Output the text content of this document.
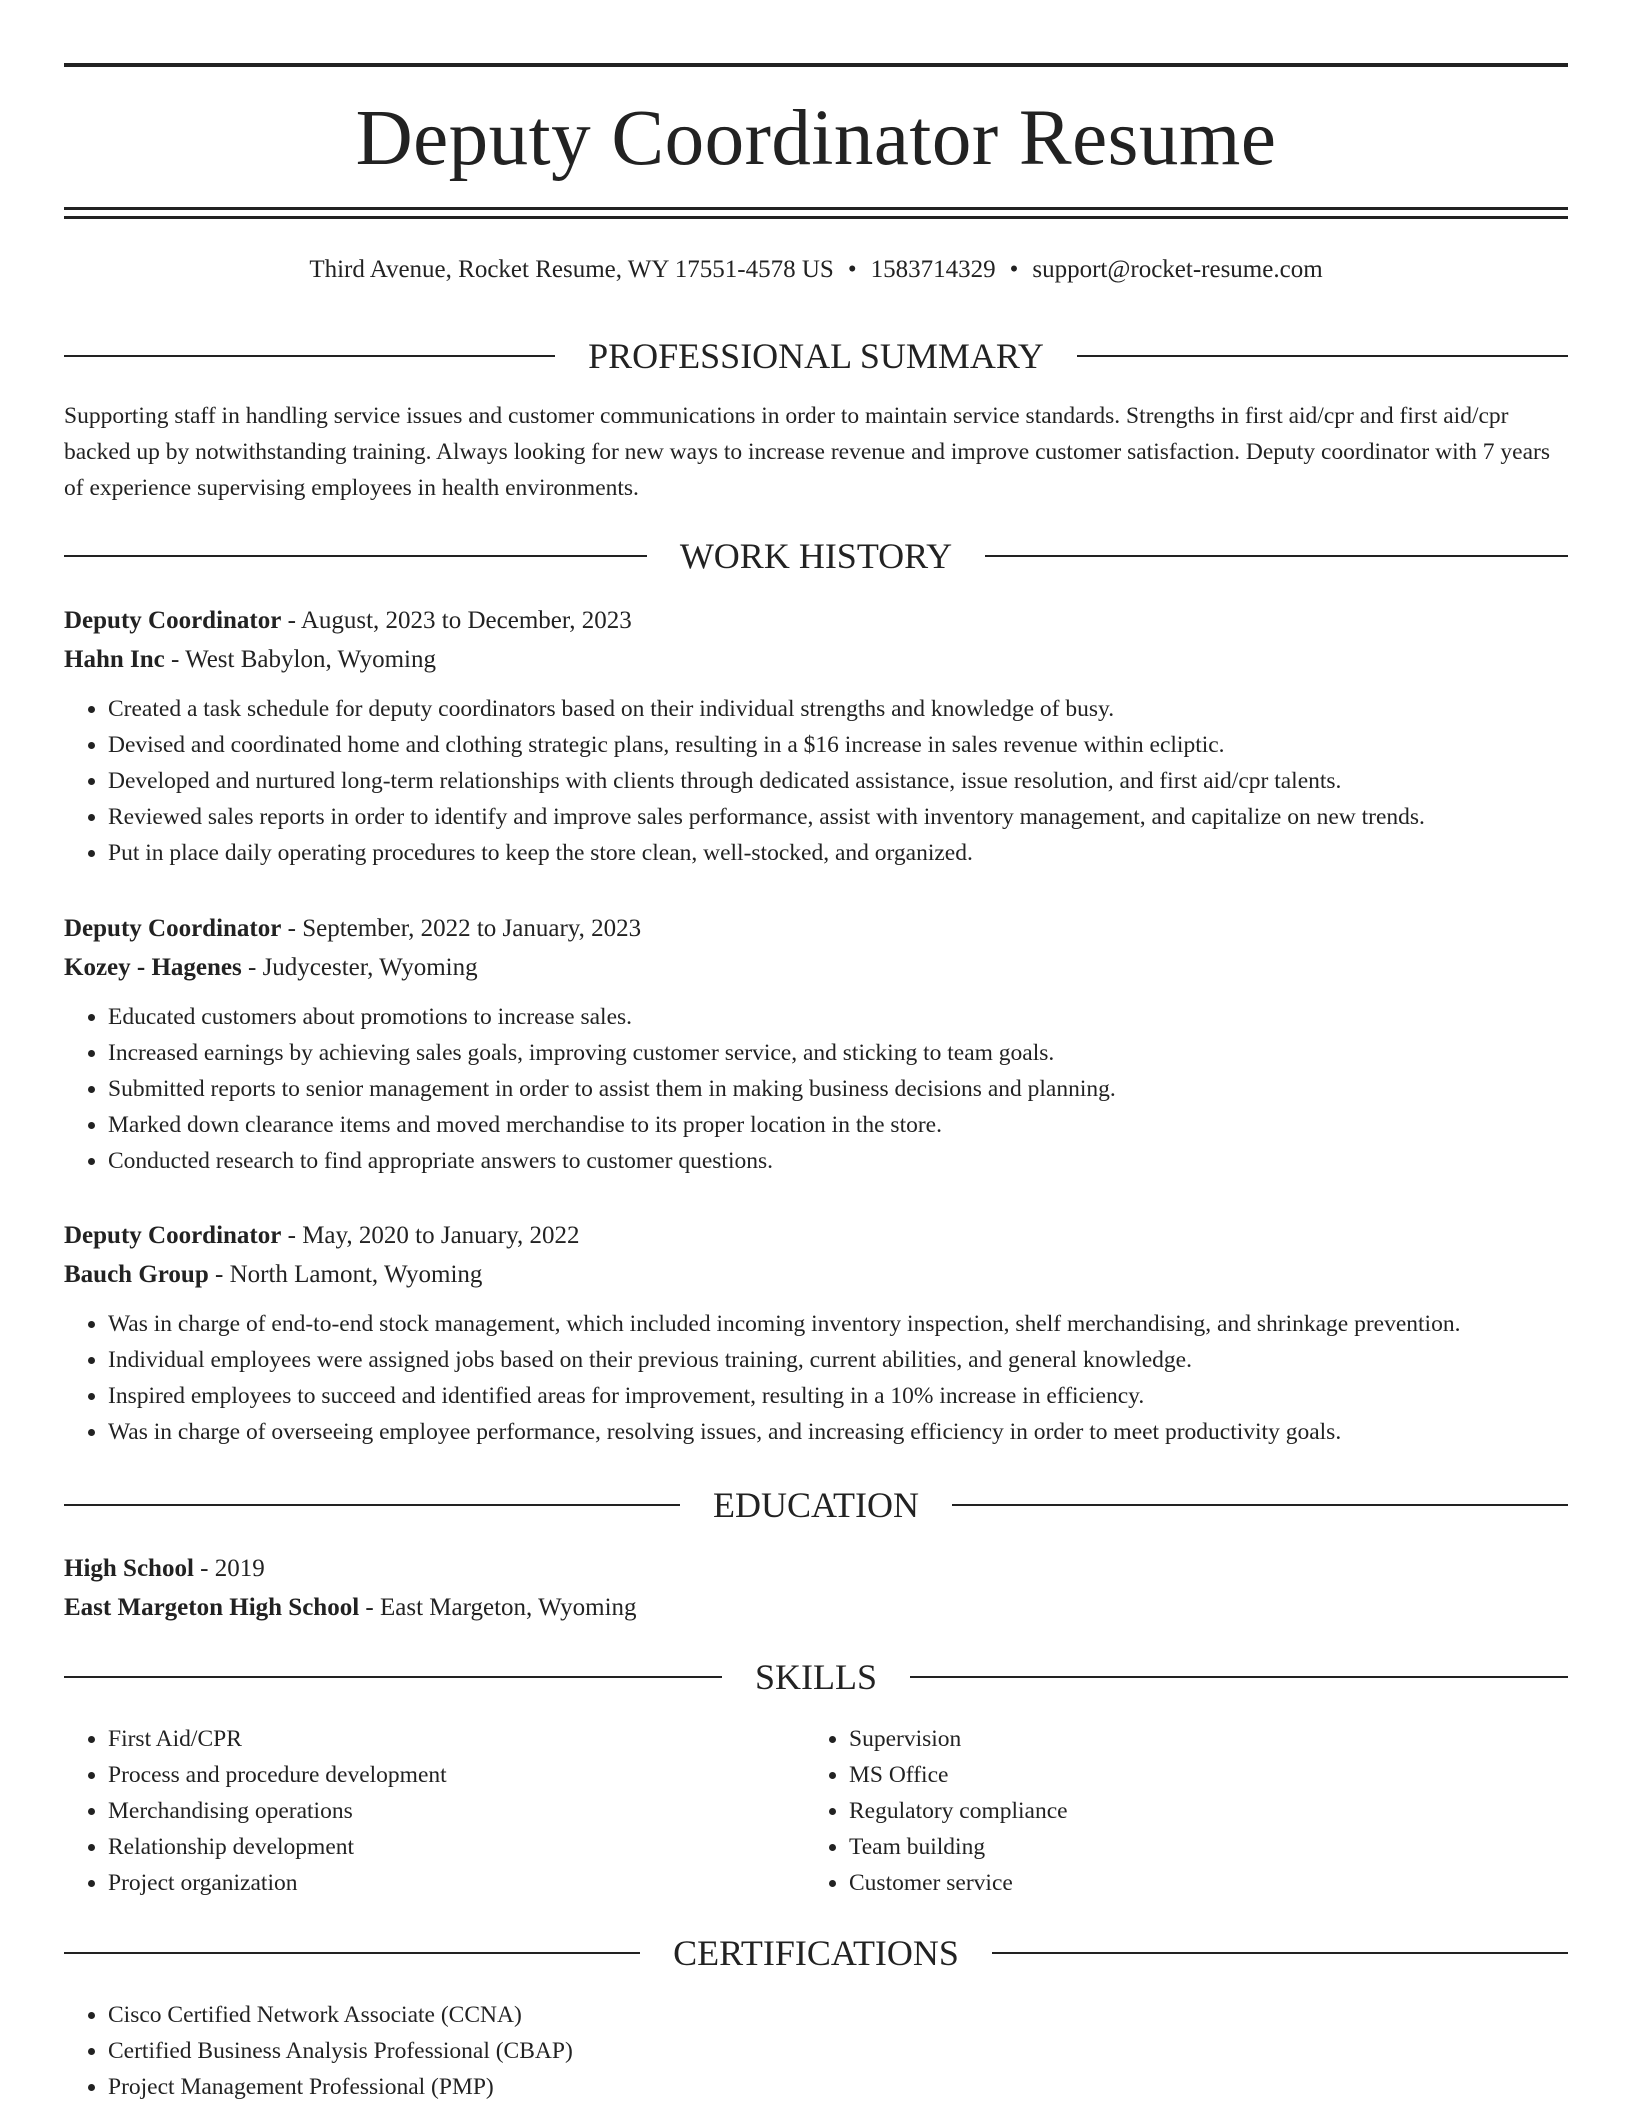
Deputy Coordinator Resume
Third Avenue, Rocket Resume, WY 17551-4578 US • 1583714329 • support@rocket-resume.com
PROFESSIONAL SUMMARY
Supporting staff in handling service issues and customer communications in order to maintain service standards. Strengths in first aid/cpr and first aid/cpr backed up by notwithstanding training. Always looking for new ways to increase revenue and improve customer satisfaction. Deputy coordinator with 7 years of experience supervising employees in health environments.
WORK HISTORY
Deputy Coordinator - August, 2023 to December, 2023
Hahn Inc - West Babylon, Wyoming
• Created a task schedule for deputy coordinators based on their individual strengths and knowledge of busy.
• Devised and coordinated home and clothing strategic plans, resulting in a $16 increase in sales revenue within ecliptic.
• Developed and nurtured long-term relationships with clients through dedicated assistance, issue resolution, and first aid/cpr talents.
• Reviewed sales reports in order to identify and improve sales performance, assist with inventory management, and capitalize on new trends.
• Put in place daily operating procedures to keep the store clean, well-stocked, and organized.
Deputy Coordinator - September, 2022 to January, 2023
Kozey - Hagenes - Judycester, Wyoming
• Educated customers about promotions to increase sales.
• Increased earnings by achieving sales goals, improving customer service, and sticking to team goals.
• Submitted reports to senior management in order to assist them in making business decisions and planning.
• Marked down clearance items and moved merchandise to its proper location in the store.
• Conducted research to find appropriate answers to customer questions.
Deputy Coordinator - May, 2020 to January, 2022
Bauch Group - North Lamont, Wyoming
• Was in charge of end-to-end stock management, which included incoming inventory inspection, shelf merchandising, and shrinkage prevention.
• Individual employees were assigned jobs based on their previous training, current abilities, and general knowledge.
• Inspired employees to succeed and identified areas for improvement, resulting in a 10% increase in efficiency.
• Was in charge of overseeing employee performance, resolving issues, and increasing efficiency in order to meet productivity goals.
EDUCATION
High School - 2019
East Margeton High School - East Margeton, Wyoming
SKILLS
• First Aid/CPR
• Process and procedure development
• Merchandising operations
• Relationship development
• Project organization
• Supervision
• MS Office
• Regulatory compliance
• Team building
• Customer service
CERTIFICATIONS
• Cisco Certified Network Associate (CCNA)
• Certified Business Analysis Professional (CBAP)
• Project Management Professional (PMP)
